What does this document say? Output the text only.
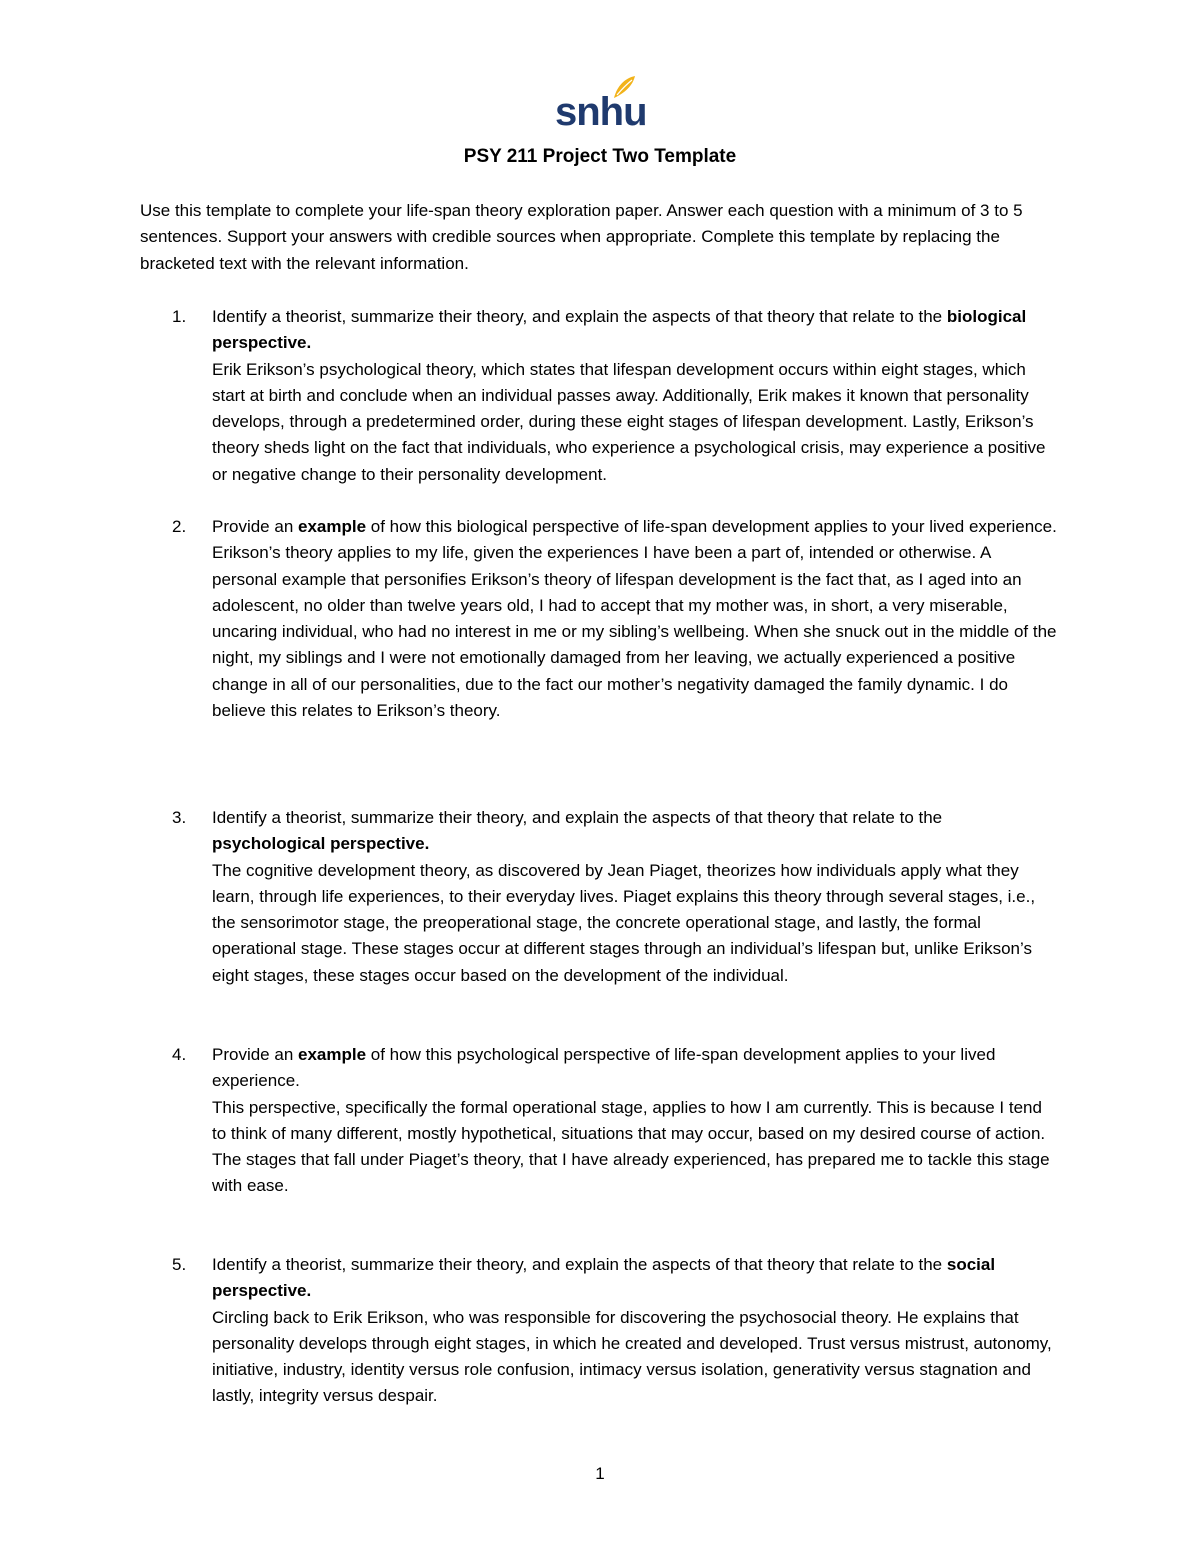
snhu
PSY 211 Project Two Template

Use this template to complete your life-span theory exploration paper. Answer each question with a minimum of 3 to 5 sentences. Support your answers with credible sources when appropriate. Complete this template by replacing the bracketed text with the relevant information.

1.	Identify a theorist, summarize their theory, and explain the aspects of that theory that relate to the biological perspective.

Erik Erikson’s psychological theory, which states that lifespan development occurs within eight stages, which start at birth and conclude when an individual passes away. Additionally, Erik makes it known that personality develops, through a predetermined order, during these eight stages of lifespan development. Lastly, Erikson’s theory sheds light on the fact that individuals, who experience a psychological crisis, may experience a positive or negative change to their personality development.

2.	Provide an example of how this biological perspective of life-span development applies to your lived experience.

Erikson’s theory applies to my life, given the experiences I have been a part of, intended or otherwise. A personal example that personifies Erikson’s theory of lifespan development is the fact that, as I aged into an adolescent, no older than twelve years old, I had to accept that my mother was, in short, a very miserable, uncaring individual, who had no interest in me or my sibling’s wellbeing. When she snuck out in the middle of the night, my siblings and I were not emotionally damaged from her leaving, we actually experienced a positive change in all of our personalities, due to the fact our mother’s negativity damaged the family dynamic. I do believe this relates to Erikson’s theory.

3.	Identify a theorist, summarize their theory, and explain the aspects of that theory that relate to the psychological perspective.

The cognitive development theory, as discovered by Jean Piaget, theorizes how individuals apply what they learn, through life experiences, to their everyday lives. Piaget explains this theory through several stages, i.e., the sensorimotor stage, the preoperational stage, the concrete operational stage, and lastly, the formal operational stage. These stages occur at different stages through an individual’s lifespan but, unlike Erikson’s eight stages, these stages occur based on the development of the individual.

4.	Provide an example of how this psychological perspective of life-span development applies to your lived experience.

This perspective, specifically the formal operational stage, applies to how I am currently. This is because I tend to think of many different, mostly hypothetical, situations that may occur, based on my desired course of action. The stages that fall under Piaget’s theory, that I have already experienced, has prepared me to tackle this stage with ease.

5.	Identify a theorist, summarize their theory, and explain the aspects of that theory that relate to the social perspective.

Circling back to Erik Erikson, who was responsible for discovering the psychosocial theory. He explains that personality develops through eight stages, in which he created and developed. Trust versus mistrust, autonomy, initiative, industry, identity versus role confusion, intimacy versus isolation, generativity versus stagnation and lastly, integrity versus despair.

1
